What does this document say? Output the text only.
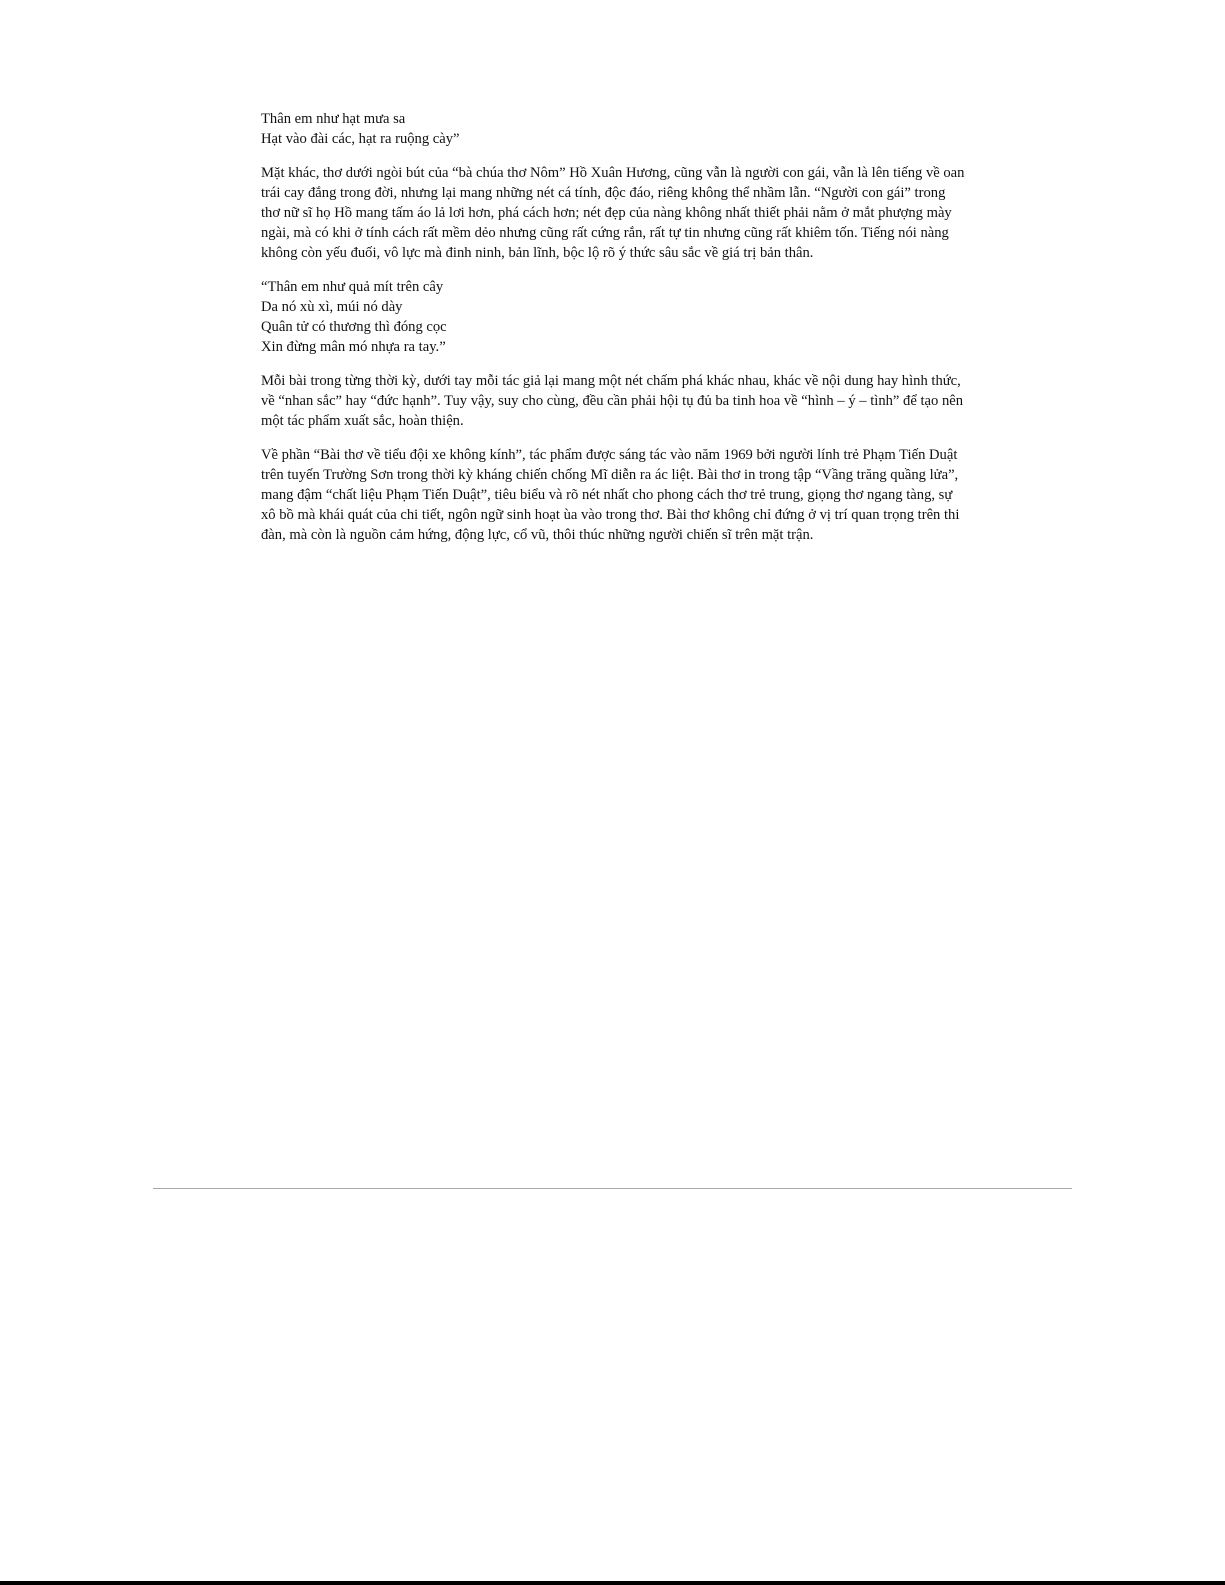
Thân em như hạt mưa sa
Hạt vào đài các, hạt ra ruộng cày”

Mặt khác, thơ dưới ngòi bút của “bà chúa thơ Nôm” Hồ Xuân Hương, cũng vẫn là người con gái, vẫn là lên tiếng về oan trái cay đắng trong đời, nhưng lại mang những nét cá tính, độc đáo, riêng không thể nhầm lẫn. “Người con gái” trong thơ nữ sĩ họ Hồ mang tấm áo lả lơi hơn, phá cách hơn; nét đẹp của nàng không nhất thiết phải nằm ở mắt phượng mày ngài, mà có khi ở tính cách rất mềm dẻo nhưng cũng rất cứng rắn, rất tự tin nhưng cũng rất khiêm tốn. Tiếng nói nàng không còn yếu đuối, vô lực mà đinh ninh, bản lĩnh, bộc lộ rõ ý thức sâu sắc về giá trị bản thân.

“Thân em như quả mít trên cây
Da nó xù xì, múi nó dày
Quân tử có thương thì đóng cọc
Xin đừng mân mó nhựa ra tay.”

Mỗi bài trong từng thời kỳ, dưới tay mỗi tác giả lại mang một nét chấm phá khác nhau, khác về nội dung hay hình thức, về “nhan sắc” hay “đức hạnh”. Tuy vậy, suy cho cùng, đều cần phải hội tụ đủ ba tinh hoa về “hình – ý – tình” để tạo nên một tác phẩm xuất sắc, hoàn thiện.

Về phần “Bài thơ về tiểu đội xe không kính”, tác phẩm được sáng tác vào năm 1969 bởi người lính trẻ Phạm Tiến Duật trên tuyến Trường Sơn trong thời kỳ kháng chiến chống Mĩ diễn ra ác liệt. Bài thơ in trong tập “Vầng trăng quầng lửa”, mang đậm “chất liệu Phạm Tiến Duật”, tiêu biểu và rõ nét nhất cho phong cách thơ trẻ trung, giọng thơ ngang tàng, sự xô bồ mà khái quát của chi tiết, ngôn ngữ sinh hoạt ùa vào trong thơ. Bài thơ không chỉ đứng ở vị trí quan trọng trên thi đàn, mà còn là nguồn cảm hứng, động lực, cổ vũ, thôi thúc những người chiến sĩ trên mặt trận.
